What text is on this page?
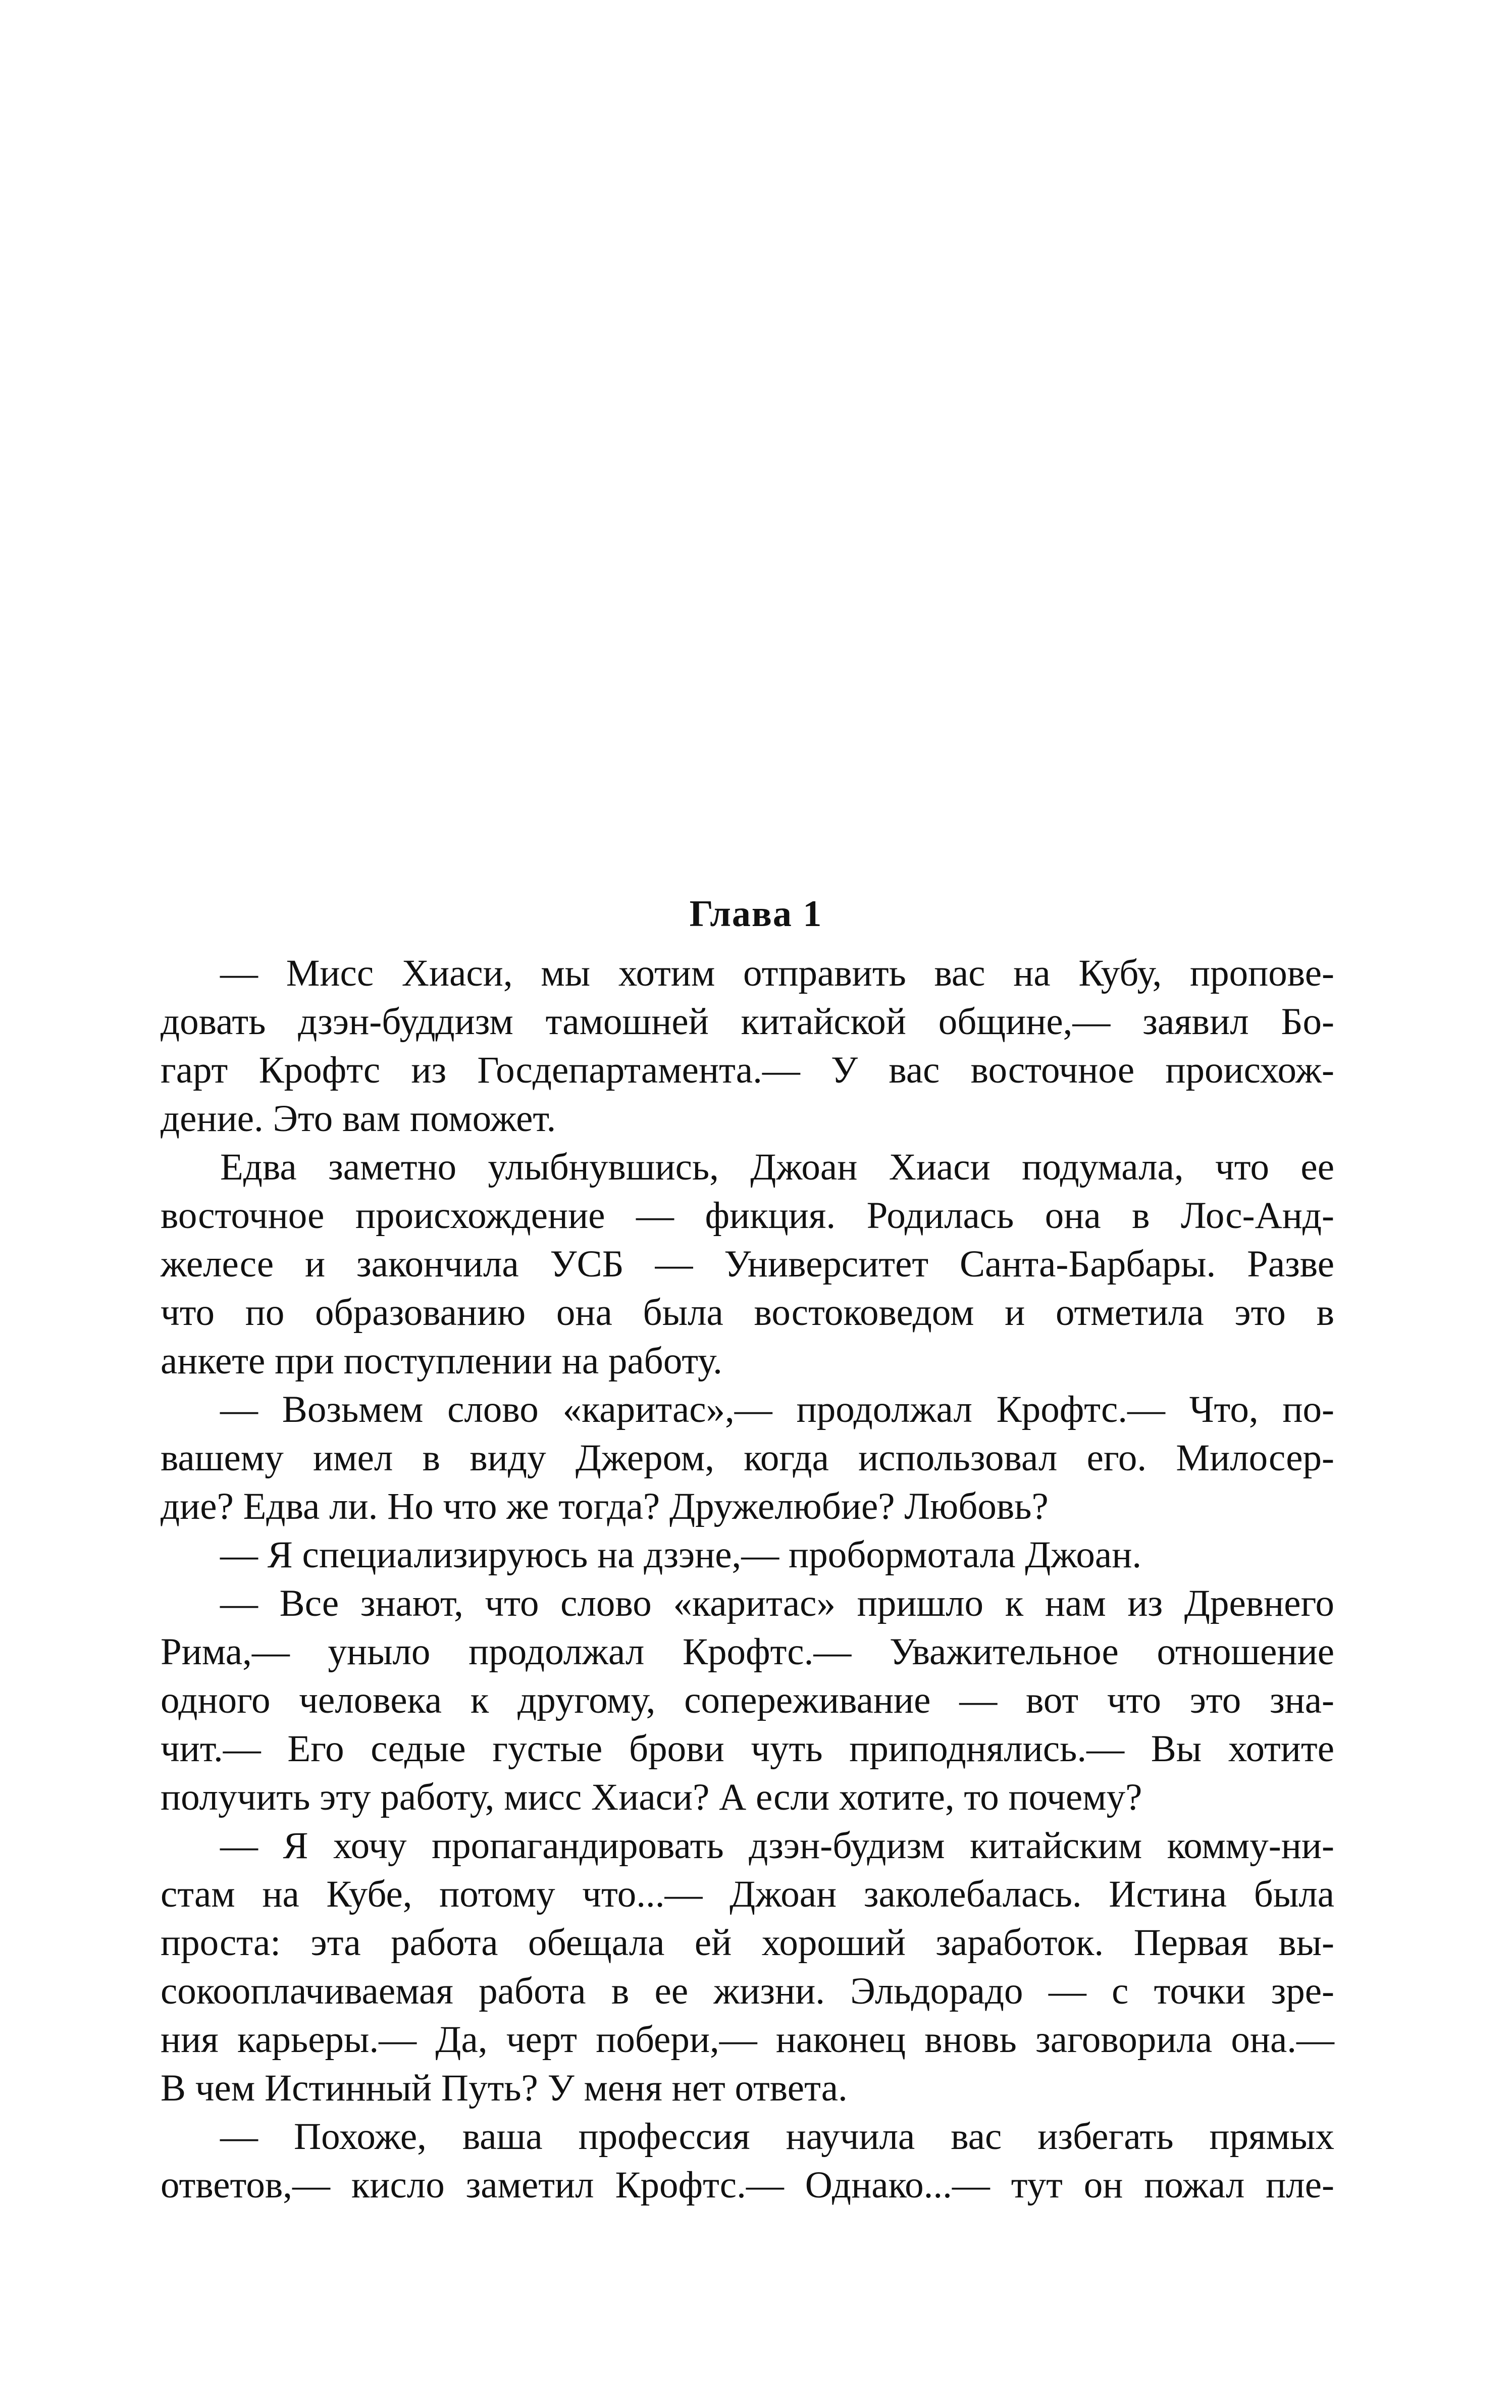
Глава 1

— Мисс Хиаси, мы хотим отправить вас на Кубу, пропове-
довать дзэн-буддизм тамошней китайской общине,— заявил Бо-
гарт Крофтс из Госдепартамента.— У вас восточное происхож-
дение. Это вам поможет.

Едва заметно улыбнувшись, Джоан Хиаси подумала, что ее
восточное происхождение — фикция. Родилась она в Лос-Анд-
желесе и закончила УСБ — Университет Санта-Барбары. Разве
что по образованию она была востоковедом и отметила это в
анкете при поступлении на работу.

— Возьмем слово «каритас»,— продолжал Крофтс.— Что, по-
вашему имел в виду Джером, когда использовал его. Милосер-
дие? Едва ли. Но что же тогда? Дружелюбие? Любовь?

— Я специализируюсь на дзэне,— пробормотала Джоан.

— Все знают, что слово «каритас» пришло к нам из Древнего
Рима,— уныло продолжал Крофтс.— Уважительное отношение
одного человека к другому, сопереживание — вот что это зна-
чит.— Его седые густые брови чуть приподнялись.— Вы хотите
получить эту работу, мисс Хиаси? А если хотите, то почему?

— Я хочу пропагандировать дзэн-будизм китайским комму-ни-
стам на Кубе, потому что...— Джоан заколебалась. Истина была
проста: эта работа обещала ей хороший заработок. Первая вы-
сокооплачиваемая работа в ее жизни. Эльдорадо — с точки зре-
ния карьеры.— Да, черт побери,— наконец вновь заговорила она.—
В чем Истинный Путь? У меня нет ответа.

— Похоже, ваша профессия научила вас избегать прямых
ответов,— кисло заметил Крофтс.— Однако...— тут он пожал пле-
